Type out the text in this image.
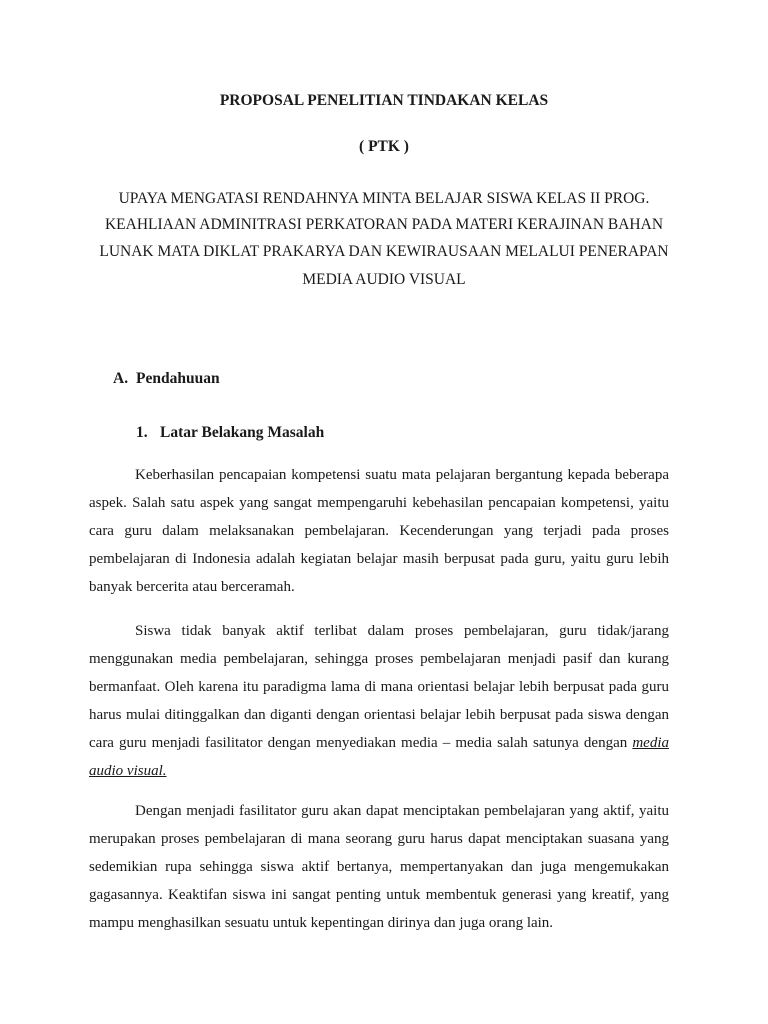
PROPOSAL PENELITIAN TINDAKAN KELAS
( PTK )
UPAYA MENGATASI RENDAHNYA MINTA BELAJAR SISWA KELAS II PROG.
KEAHLIAAN ADMINITRASI PERKATORAN PADA MATERI KERAJINAN BAHAN
LUNAK MATA DIKLAT PRAKARYA DAN KEWIRAUSAAN MELALUI PENERAPAN
MEDIA AUDIO VISUAL
A. Pendahuuan
1. Latar Belakang Masalah
Keberhasilan pencapaian kompetensi suatu mata pelajaran bergantung kepada beberapa aspek. Salah satu aspek yang sangat mempengaruhi kebehasilan pencapaian kompetensi, yaitu cara guru dalam melaksanakan pembelajaran. Kecenderungan yang terjadi pada proses pembelajaran di Indonesia adalah kegiatan belajar masih berpusat pada guru, yaitu guru lebih banyak bercerita atau berceramah.
Siswa tidak banyak aktif terlibat dalam proses pembelajaran, guru tidak/jarang menggunakan media pembelajaran, sehingga proses pembelajaran menjadi pasif dan kurang bermanfaat. Oleh karena itu paradigma lama di mana orientasi belajar lebih berpusat pada guru harus mulai ditinggalkan dan diganti dengan orientasi belajar lebih berpusat pada siswa dengan cara guru menjadi fasilitator dengan menyediakan media – media salah satunya dengan media audio visual.
Dengan menjadi fasilitator guru akan dapat menciptakan pembelajaran yang aktif, yaitu merupakan proses pembelajaran di mana seorang guru harus dapat menciptakan suasana yang sedemikian rupa sehingga siswa aktif bertanya, mempertanyakan dan juga mengemukakan gagasannya. Keaktifan siswa ini sangat penting untuk membentuk generasi yang kreatif, yang mampu menghasilkan sesuatu untuk kepentingan dirinya dan juga orang lain.
